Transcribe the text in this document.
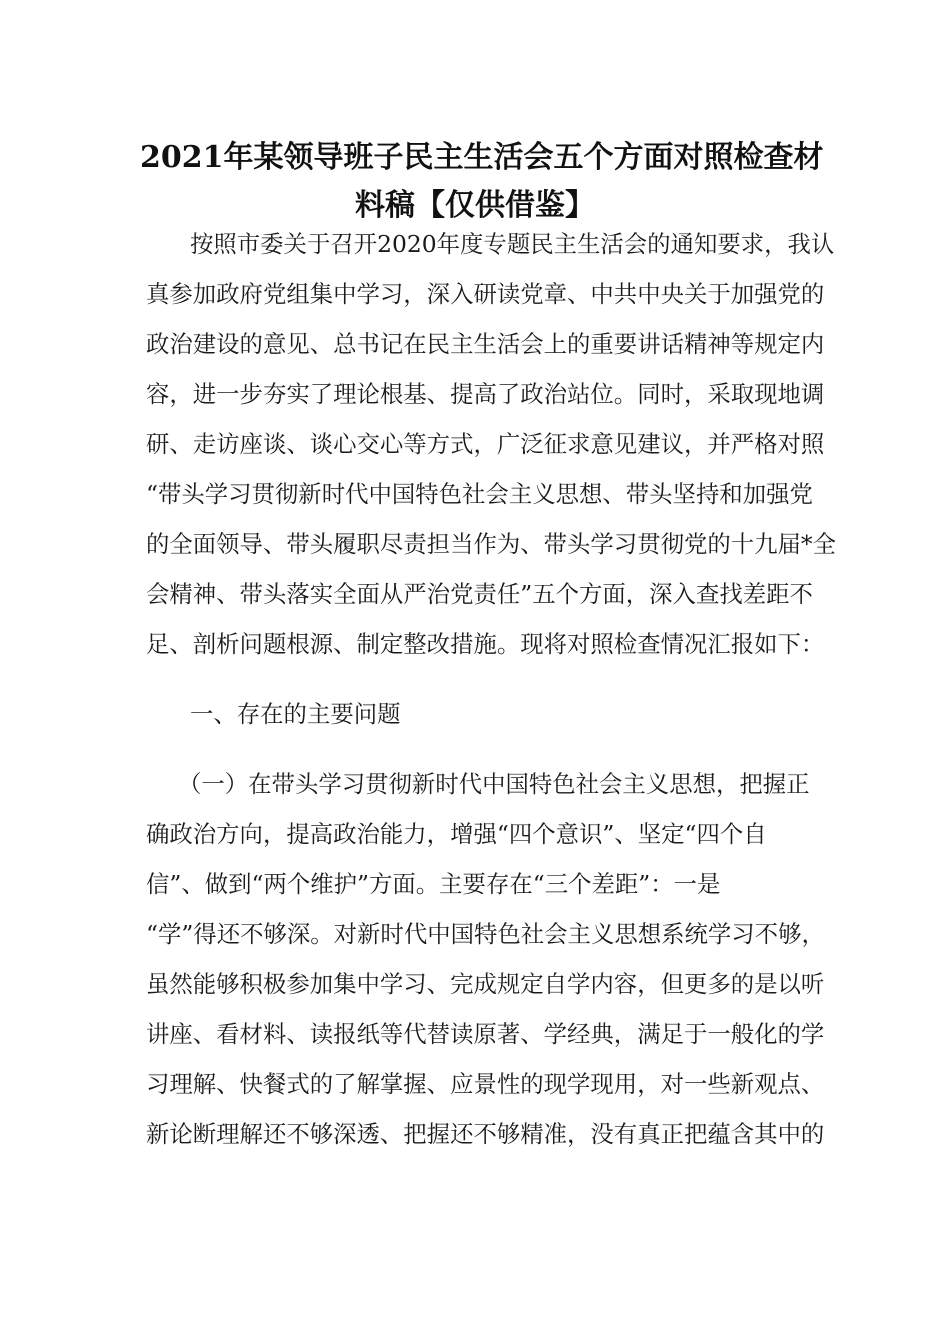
2021年某领导班子民主生活会五个方面对照检查材
料稿【仅供借鉴】
按照市委关于召开2020年度专题民主生活会的通知要求，我认
真参加政府党组集中学习，深入研读党章、中共中央关于加强党的
政治建设的意见、总书记在民主生活会上的重要讲话精神等规定内
容，进一步夯实了理论根基、提高了政治站位。同时，采取现地调
研、走访座谈、谈心交心等方式，广泛征求意见建议，并严格对照
“带头学习贯彻新时代中国特色社会主义思想、带头坚持和加强党
的全面领导、带头履职尽责担当作为、带头学习贯彻党的十九届*全
会精神、带头落实全面从严治党责任”五个方面，深入查找差距不
足、剖析问题根源、制定整改措施。现将对照检查情况汇报如下：
一、存在的主要问题
（一）在带头学习贯彻新时代中国特色社会主义思想，把握正
确政治方向，提高政治能力，增强“四个意识”、坚定“四个自
信”、做到“两个维护”方面。主要存在“三个差距”：一是
“学”得还不够深。对新时代中国特色社会主义思想系统学习不够，
虽然能够积极参加集中学习、完成规定自学内容，但更多的是以听
讲座、看材料、读报纸等代替读原著、学经典，满足于一般化的学
习理解、快餐式的了解掌握、应景性的现学现用，对一些新观点、
新论断理解还不够深透、把握还不够精准，没有真正把蕴含其中的
